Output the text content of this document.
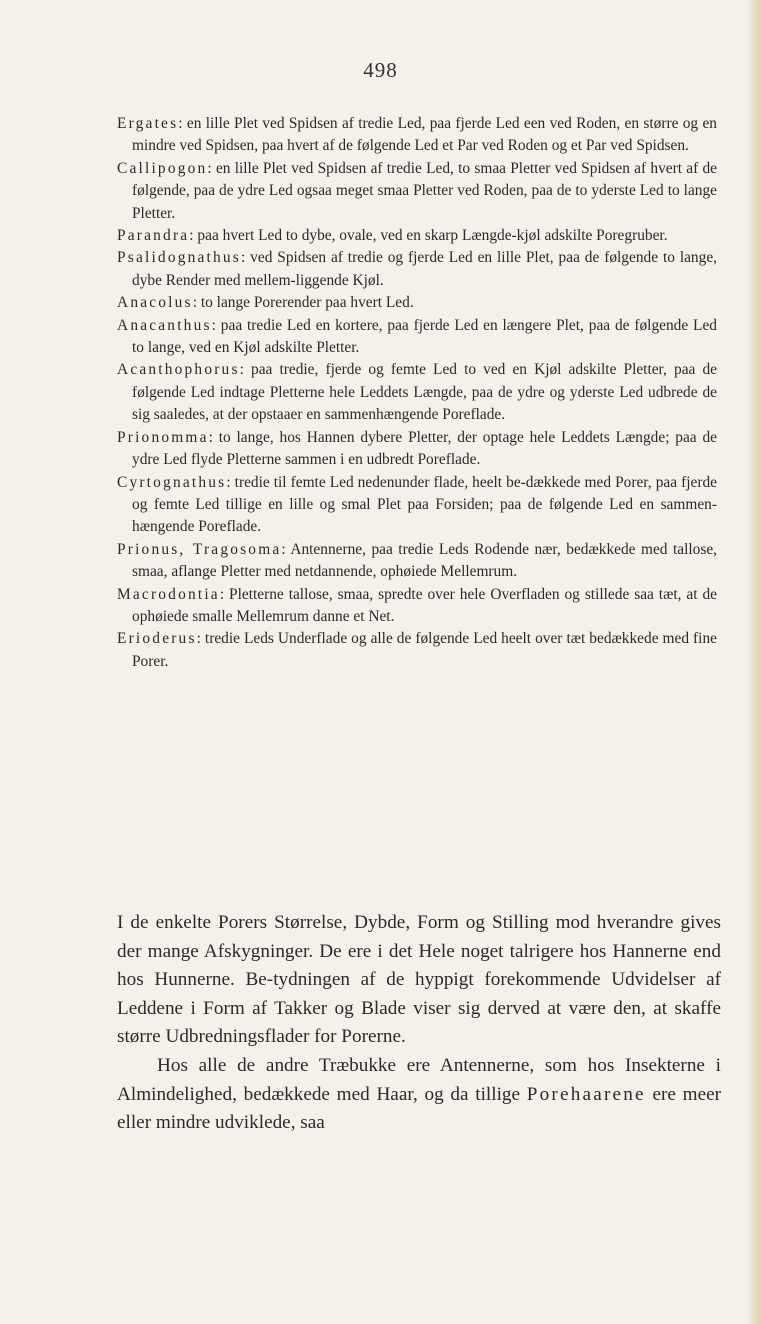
498

Ergates: en lille Plet ved Spidsen af tredie Led, paa fjerde Led een ved Roden, en større og en mindre ved Spidsen, paa hvert af de følgende Led et Par ved Roden og et Par ved Spidsen.

Callipogon: en lille Plet ved Spidsen af tredie Led, to smaa Pletter ved Spidsen af hvert af de følgende, paa de ydre Led ogsaa meget smaa Pletter ved Roden, paa de to yderste Led to lange Pletter.

Parandra: paa hvert Led to dybe, ovale, ved en skarp Længde-kjøl adskilte Poregruber.

Psalidognathus: ved Spidsen af tredie og fjerde Led en lille Plet, paa de følgende to lange, dybe Render med mellem-liggende Kjøl.

Anacolus: to lange Porerender paa hvert Led.

Anacanthus: paa tredie Led en kortere, paa fjerde Led en længere Plet, paa de følgende Led to lange, ved en Kjøl adskilte Pletter.

Acanthophorus: paa tredie, fjerde og femte Led to ved en Kjøl adskilte Pletter, paa de følgende Led indtage Pletterne hele Leddets Længde, paa de ydre og yderste Led udbrede de sig saaledes, at der opstaaer en sammenhængende Poreflade.

Prionomma: to lange, hos Hannen dybere Pletter, der optage hele Leddets Længde; paa de ydre Led flyde Pletterne sammen i en udbredt Poreflade.

Cyrtognathus: tredie til femte Led nedenunder flade, heelt be-dækkede med Porer, paa fjerde og femte Led tillige en lille og smal Plet paa Forsiden; paa de følgende Led en sammen-hængende Poreflade.

Prionus, Tragosoma: Antennerne, paa tredie Leds Rodende nær, bedækkede med tallose, smaa, aflange Pletter med netdannende, ophøiede Mellemrum.

Macrodontia: Pletterne tallose, smaa, spredte over hele Overfladen og stillede saa tæt, at de ophøiede smalle Mellemrum danne et Net.

Erioderus: tredie Leds Underflade og alle de følgende Led heelt over tæt bedækkede med fine Porer.

I de enkelte Porers Størrelse, Dybde, Form og Stilling mod hverandre gives der mange Afskygninger. De ere i det Hele noget talrigere hos Hannerne end hos Hunnerne. Be-tydningen af de hyppigt forekommende Udvidelser af Leddene i Form af Takker og Blade viser sig derved at være den, at skaffe større Udbredningsflader for Porerne.

Hos alle de andre Træbukke ere Antennerne, som hos Insekterne i Almindelighed, bedækkede med Haar, og da tillige Porehaarene ere meer eller mindre udviklede, saa
